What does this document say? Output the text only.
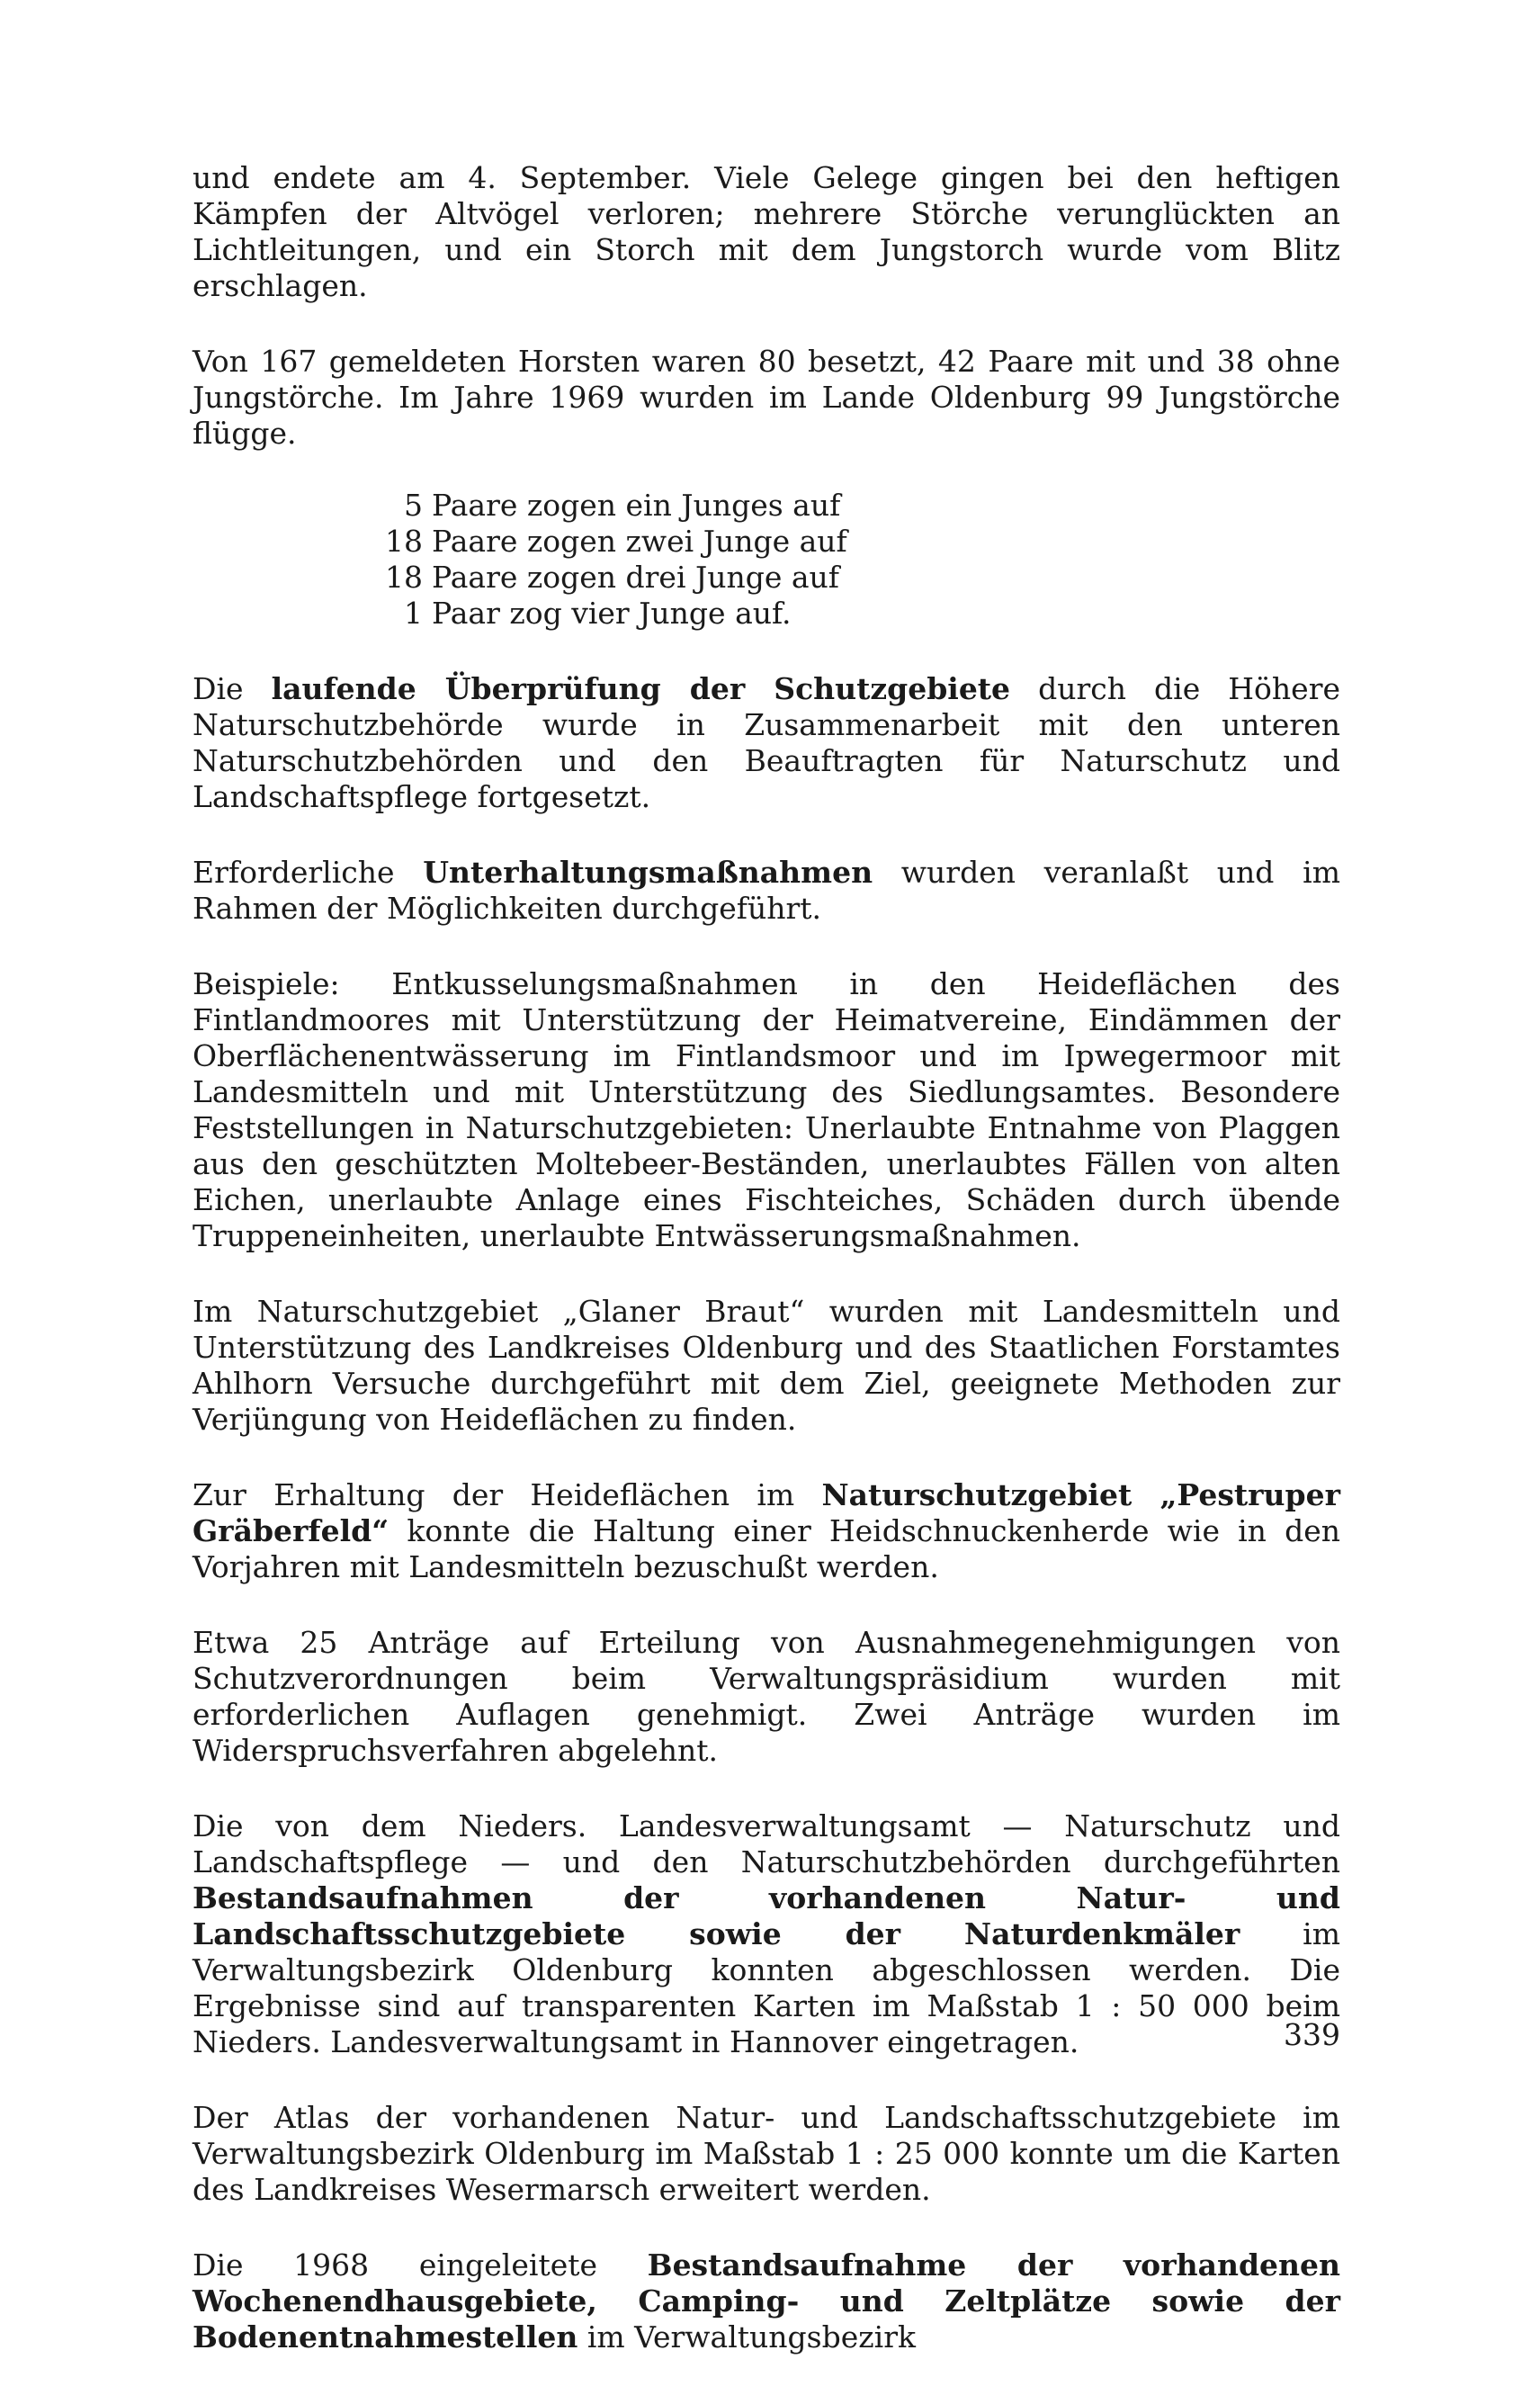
und endete am 4. September. Viele Gelege gingen bei den heftigen Kämpfen der Altvögel verloren; mehrere Störche verunglückten an Lichtleitungen, und ein Storch mit dem Jungstorch wurde vom Blitz erschlagen.

Von 167 gemeldeten Horsten waren 80 besetzt, 42 Paare mit und 38 ohne Jungstörche. Im Jahre 1969 wurden im Lande Oldenburg 99 Jungstörche flügge.

5 Paare zogen ein Junges auf
18 Paare zogen zwei Junge auf
18 Paare zogen drei Junge auf
1 Paar zog vier Junge auf.

Die laufende Überprüfung der Schutzgebiete durch die Höhere Naturschutzbehörde wurde in Zusammenarbeit mit den unteren Naturschutzbehörden und den Beauftragten für Naturschutz und Landschaftspflege fortgesetzt.

Erforderliche Unterhaltungsmaßnahmen wurden veranlaßt und im Rahmen der Möglichkeiten durchgeführt.

Beispiele: Entkusselungsmaßnahmen in den Heideflächen des Fintlandmoores mit Unterstützung der Heimatvereine, Eindämmen der Oberflächenentwässerung im Fintlandsmoor und im Ipwegermoor mit Landesmitteln und mit Unterstützung des Siedlungsamtes. Besondere Feststellungen in Naturschutzgebieten: Unerlaubte Entnahme von Plaggen aus den geschützten Moltebeer-Beständen, unerlaubtes Fällen von alten Eichen, unerlaubte Anlage eines Fischteiches, Schäden durch übende Truppeneinheiten, unerlaubte Entwässerungsmaßnahmen.

Im Naturschutzgebiet „Glaner Braut“ wurden mit Landesmitteln und Unterstützung des Landkreises Oldenburg und des Staatlichen Forstamtes Ahlhorn Versuche durchgeführt mit dem Ziel, geeignete Methoden zur Verjüngung von Heideflächen zu finden.

Zur Erhaltung der Heideflächen im Naturschutzgebiet „Pestruper Gräberfeld“ konnte die Haltung einer Heidschnuckenherde wie in den Vorjahren mit Landesmitteln bezuschußt werden.

Etwa 25 Anträge auf Erteilung von Ausnahmegenehmigungen von Schutzverordnungen beim Verwaltungspräsidium wurden mit erforderlichen Auflagen genehmigt. Zwei Anträge wurden im Widerspruchsverfahren abgelehnt.

Die von dem Nieders. Landesverwaltungsamt — Naturschutz und Landschaftspflege — und den Naturschutzbehörden durchgeführten Bestandsaufnahmen der vorhandenen Natur- und Landschaftsschutzgebiete sowie der Naturdenkmäler im Verwaltungsbezirk Oldenburg konnten abgeschlossen werden. Die Ergebnisse sind auf transparenten Karten im Maßstab 1 : 50 000 beim Nieders. Landesverwaltungsamt in Hannover eingetragen.

Der Atlas der vorhandenen Natur- und Landschaftsschutzgebiete im Verwaltungsbezirk Oldenburg im Maßstab 1 : 25 000 konnte um die Karten des Landkreises Wesermarsch erweitert werden.

Die 1968 eingeleitete Bestandsaufnahme der vorhandenen Wochenendhausgebiete, Camping- und Zeltplätze sowie der Bodenentnahmestellen im Verwaltungsbezirk

339
